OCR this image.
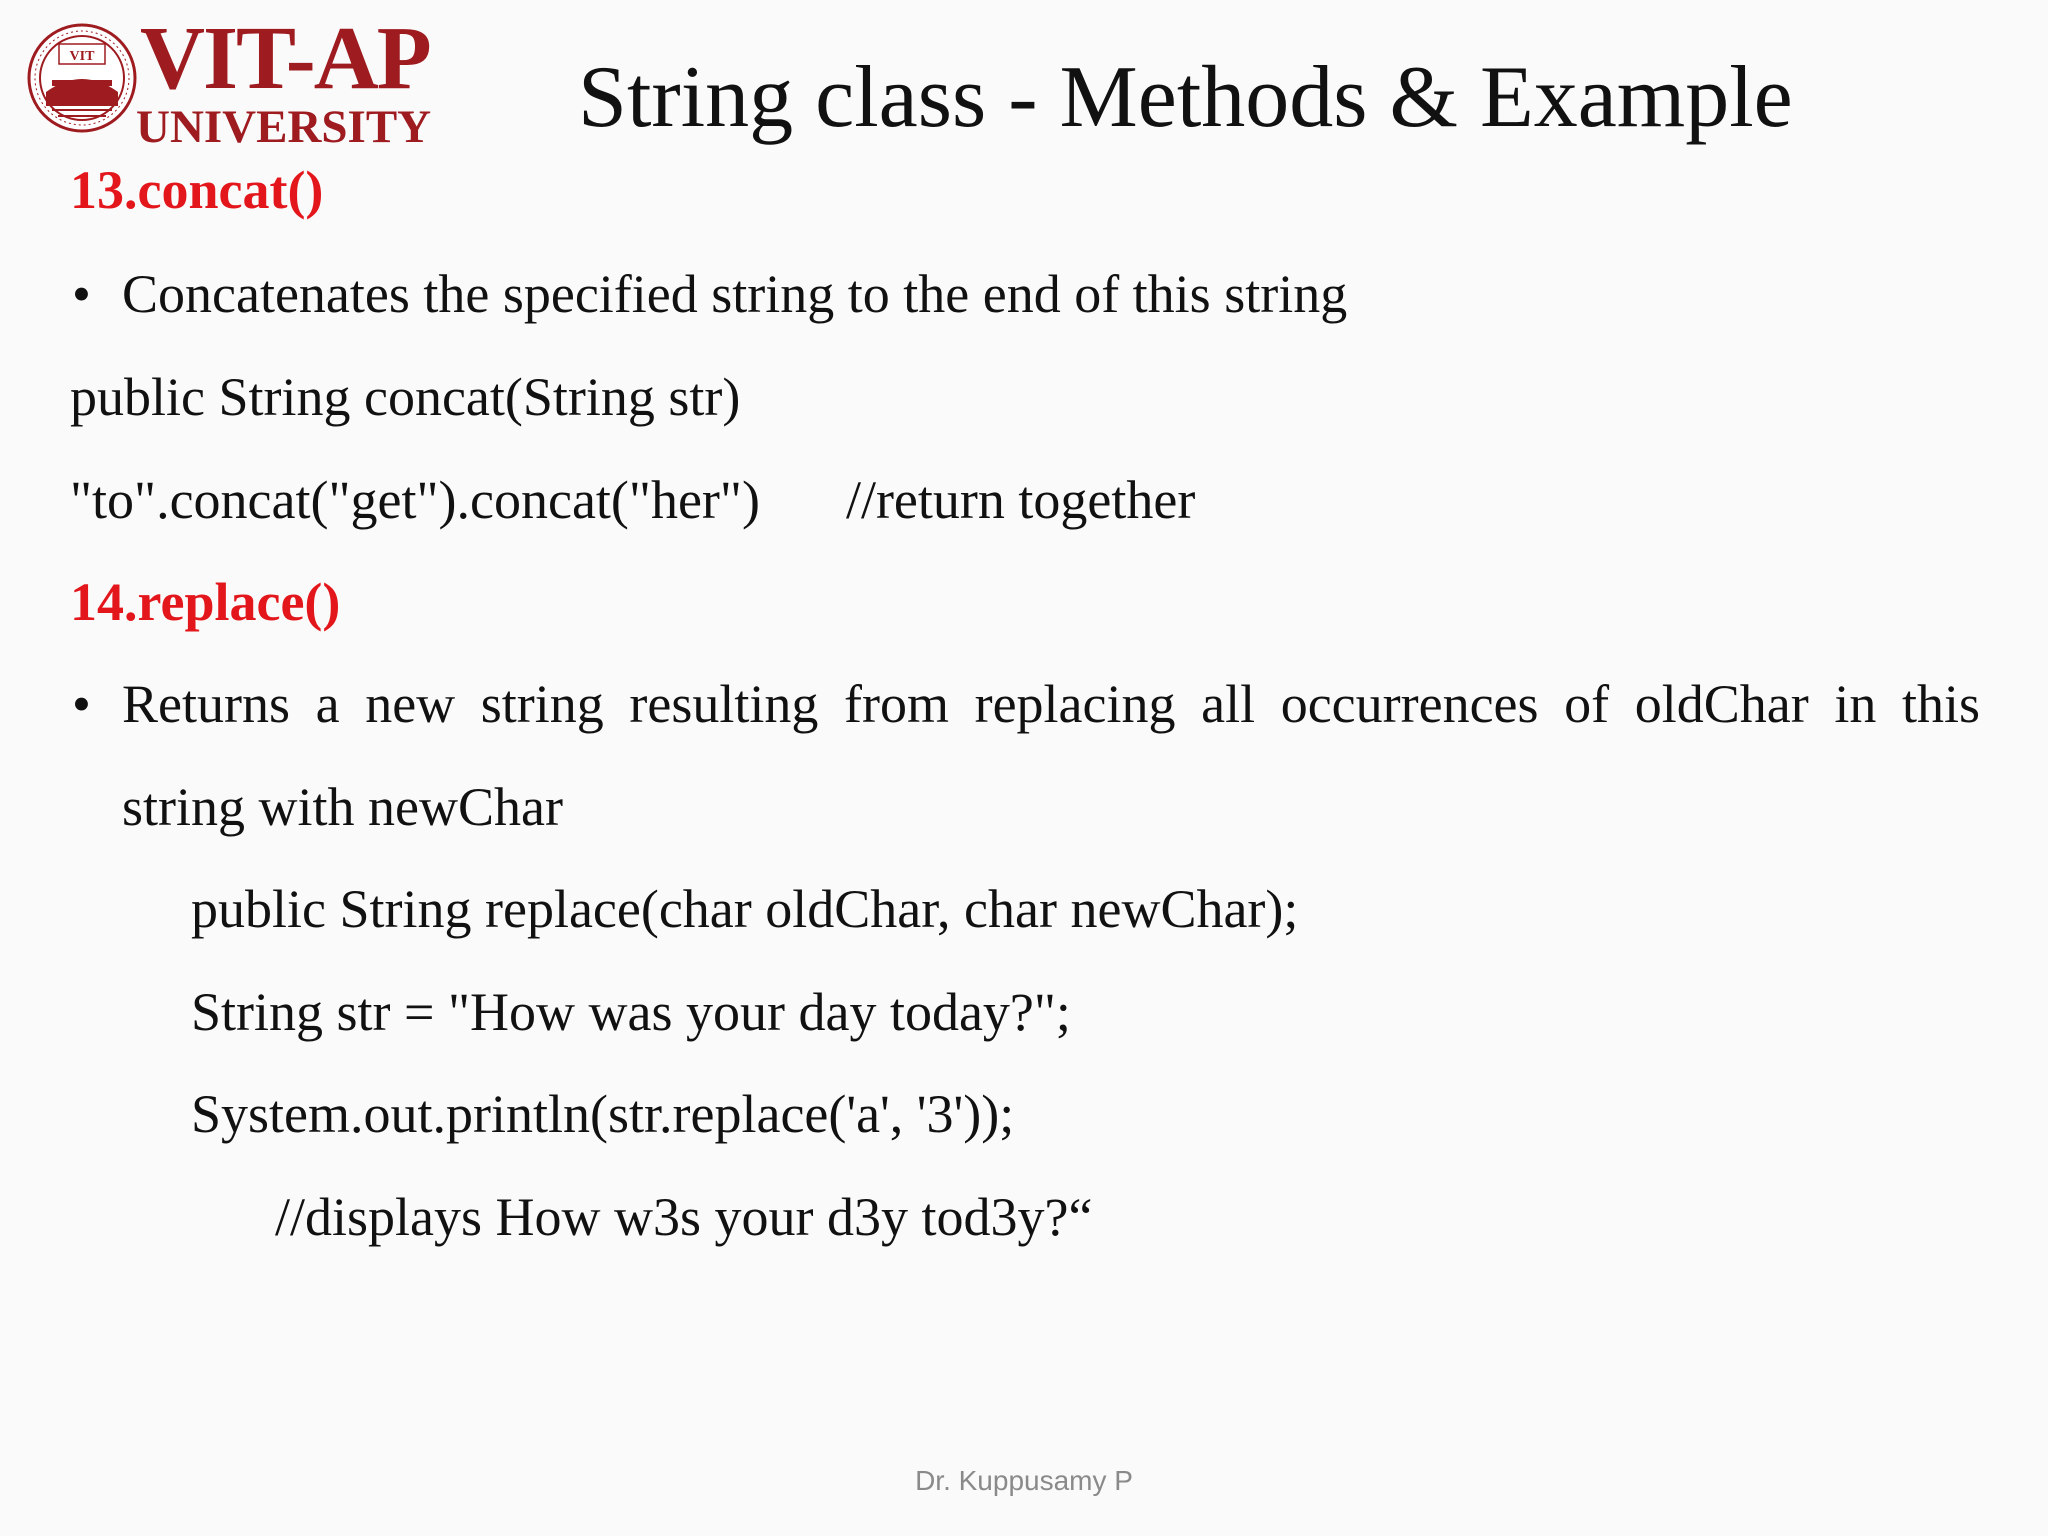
VIT VIT-AP
UNIVERSITY String class - Methods & Example
13.concat()
• Concatenates the specified string to the end of this string
public String concat(String str)
"to".concat("get").concat("her") //return together
14.replace()
• Returns a new string resulting from replacing all occurrences of oldChar in this
string with newChar
public String replace(char oldChar, char newChar);
String str = "How was your day today?";
System.out.println(str.replace('a', '3'));
//displays How w3s your d3y tod3y?“
Dr. Kuppusamy P
